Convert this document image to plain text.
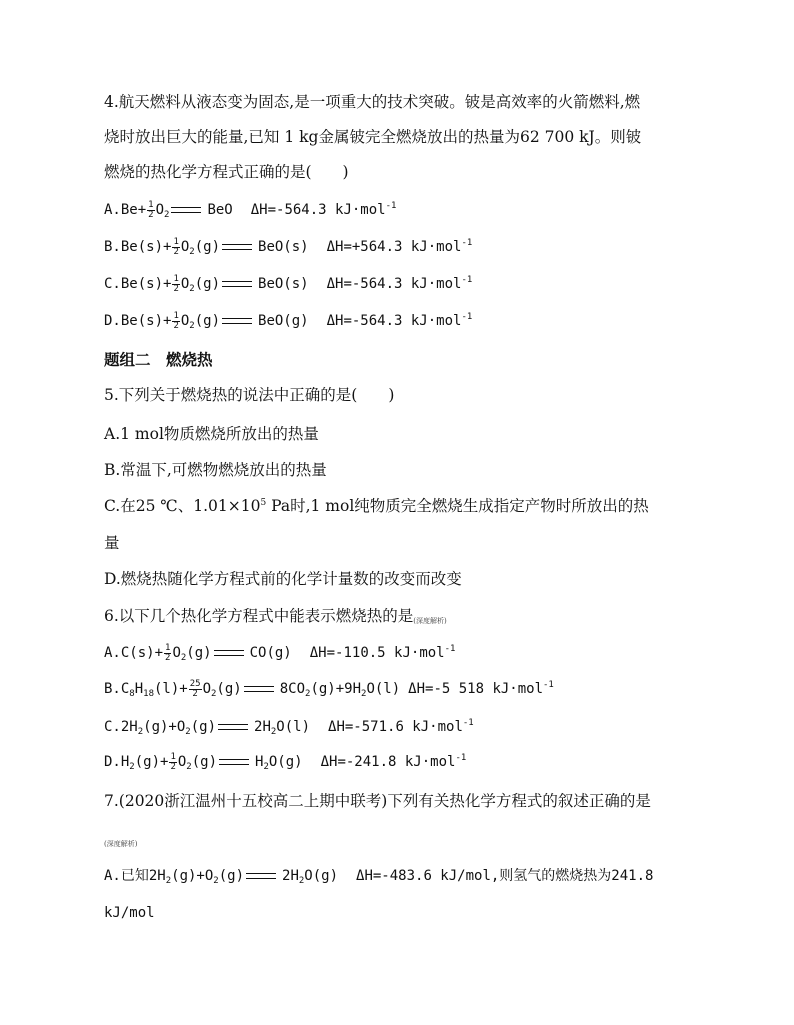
4.航天燃料从液态变为固态,是一项重大的技术突破。铍是高效率的火箭燃料,燃
烧时放出巨大的能量,已知 1 kg金属铍完全燃烧放出的热量为62 700 kJ。则铍
燃烧的热化学方程式正确的是(　　)
$A.Be+ \frac{1}{2} O_2$	BeO ΔH=-564.3 kJ·mol$^{-1}$
$B.Be(s)+ \frac{1}{2} O_2(g)$	BeO(s) ΔH=+564.3 kJ·mol$^{-1}$
$C.Be(s)+ \frac{1}{2} O_2(g)$	BeO(s) ΔH=-564.3 kJ·mol$^{-1}$
$D.Be(s)+ \frac{1}{2} O_2(g)$	BeO(g) ΔH=-564.3 kJ·mol$^{-1}$
题组二　燃烧热
5.下列关于燃烧热的说法中正确的是(　　)
A.1 mol物质燃烧所放出的热量
B.常温下,可燃物燃烧放出的热量
C.在25 ℃、$1.01\times 10^5$ Pa时,1 mol纯物质完全燃烧生成指定产物时所放出的热
量
D.燃烧热随化学方程式前的化学计量数的改变而改变
6.以下几个热化学方程式中能表示燃烧热的是(深度解析)
$A.C(s)+ \frac{1}{2} O_2(g)$	CO(g) ΔH=-110.5 kJ·mol$^{-1}$
$B.C_8H_{18}(l)+ \frac{25}{2} O_2(g)$	$8CO_2(g)+9H_2O(l)$ ΔH=-5 518 kJ·mol$^{-1}$
$C.2H_2(g)+O_2(g)$	$2H_2O(l)$ ΔH=-571.6 kJ·mol$^{-1}$
$D.H_2(g)+ \frac{1}{2} O_2(g)$	$H_2O(g)$ ΔH=-241.8 kJ·mol$^{-1}$
7.(2020浙江温州十五校高二上期中联考)下列有关热化学方程式的叙述正确的是
(深度解析)
A.已知$2H_2(g)+O_2(g)$	$2H_2O(g)$ ΔH=-483.6 kJ/mol,则氢气的燃烧热为241.8
kJ/mol
